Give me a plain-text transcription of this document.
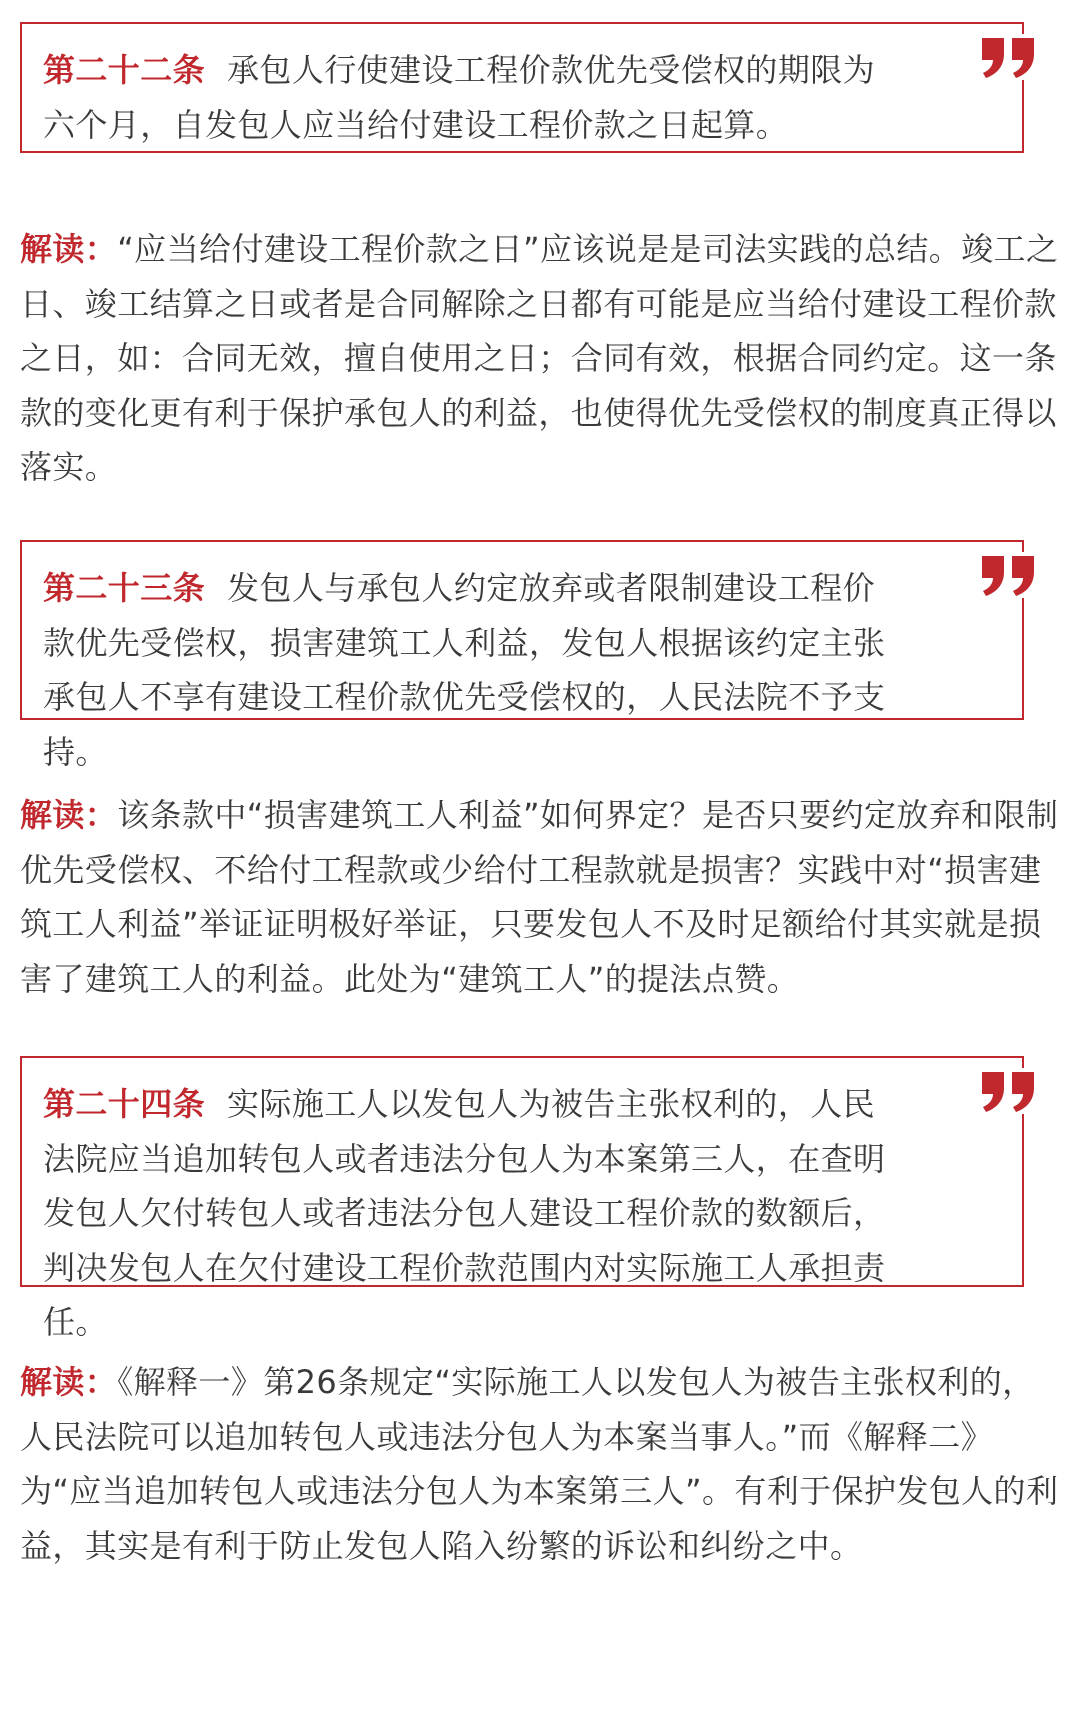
第二十二条 承包人行使建设工程价款优先受偿权的期限为六个月，自发包人应当给付建设工程价款之日起算。
解读：“应当给付建设工程价款之日”应该说是是司法实践的总结。竣工之日、竣工结算之日或者是合同解除之日都有可能是应当给付建设工程价款之日，如：合同无效，擅自使用之日；合同有效，根据合同约定。这一条款的变化更有利于保护承包人的利益，也使得优先受偿权的制度真正得以落实。
第二十三条 发包人与承包人约定放弃或者限制建设工程价款优先受偿权，损害建筑工人利益，发包人根据该约定主张承包人不享有建设工程价款优先受偿权的，人民法院不予支持。
解读：该条款中“损害建筑工人利益”如何界定？是否只要约定放弃和限制优先受偿权、不给付工程款或少给付工程款就是损害？实践中对“损害建筑工人利益”举证证明极好举证，只要发包人不及时足额给付其实就是损害了建筑工人的利益。此处为“建筑工人”的提法点赞。
第二十四条 实际施工人以发包人为被告主张权利的，人民法院应当追加转包人或者违法分包人为本案第三人，在查明发包人欠付转包人或者违法分包人建设工程价款的数额后，判决发包人在欠付建设工程价款范围内对实际施工人承担责任。
解读：《解释一》第26条规定“实际施工人以发包人为被告主张权利的，人民法院可以追加转包人或违法分包人为本案当事人。”而《解释二》为“应当追加转包人或违法分包人为本案第三人”。有利于保护发包人的利益，其实是有利于防止发包人陷入纷繁的诉讼和纠纷之中。
